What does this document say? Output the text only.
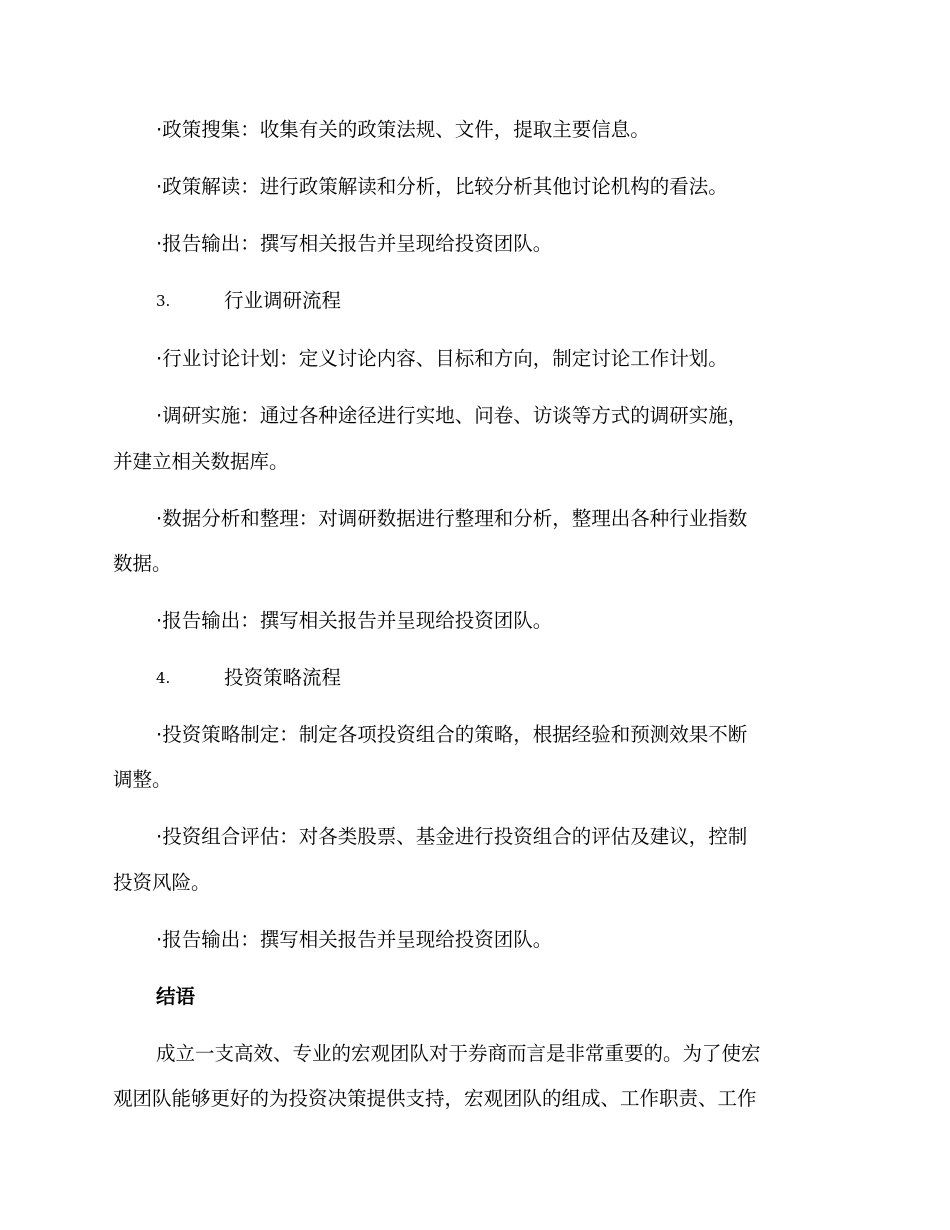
·政策搜集：收集有关的政策法规、文件，提取主要信息。
·政策解读：进行政策解读和分析，比较分析其他讨论机构的看法。
·报告输出：撰写相关报告并呈现给投资团队。
3.	行业调研流程
·行业讨论计划：定义讨论内容、目标和方向，制定讨论工作计划。
·调研实施：通过各种途径进行实地、问卷、访谈等方式的调研实施，
并建立相关数据库。
·数据分析和整理：对调研数据进行整理和分析，整理出各种行业指数
数据。
·报告输出：撰写相关报告并呈现给投资团队。
4.	投资策略流程
·投资策略制定：制定各项投资组合的策略，根据经验和预测效果不断
调整。
·投资组合评估：对各类股票、基金进行投资组合的评估及建议，控制
投资风险。
·报告输出：撰写相关报告并呈现给投资团队。
结语
成立一支高效、专业的宏观团队对于券商而言是非常重要的。为了使宏
观团队能够更好的为投资决策提供支持，宏观团队的组成、工作职责、工作
